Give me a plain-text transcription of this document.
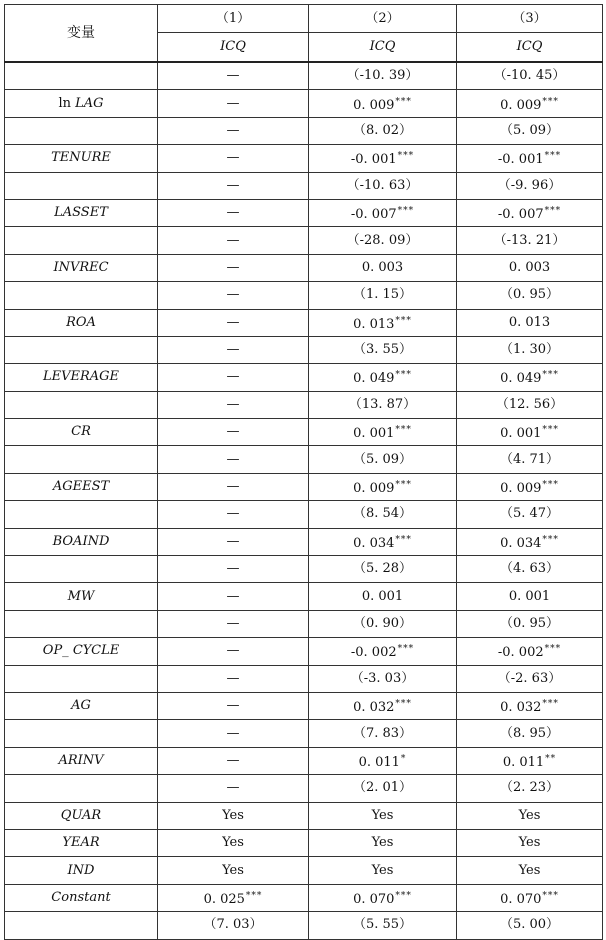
变量	（1）	（2）	（3）
	ICQ	ICQ	ICQ
	—	（-10. 39）	（-10. 45）
ln LAG	—	0. 009***	0. 009***
	—	（8. 02）	（5. 09）
TENURE	—	-0. 001***	-0. 001***
	—	（-10. 63）	（-9. 96）
LASSET	—	-0. 007***	-0. 007***
	—	（-28. 09）	（-13. 21）
INVREC	—	0. 003	0. 003
	—	（1. 15）	（0. 95）
ROA	—	0. 013***	0. 013
	—	（3. 55）	（1. 30）
LEVERAGE	—	0. 049***	0. 049***
	—	（13. 87）	（12. 56）
CR	—	0. 001***	0. 001***
	—	（5. 09）	（4. 71）
AGEEST	—	0. 009***	0. 009***
	—	（8. 54）	（5. 47）
BOAIND	—	0. 034***	0. 034***
	—	（5. 28）	（4. 63）
MW	—	0. 001	0. 001
	—	（0. 90）	（0. 95）
OP_ CYCLE	—	-0. 002***	-0. 002***
	—	（-3. 03）	（-2. 63）
AG	—	0. 032***	0. 032***
	—	（7. 83）	（8. 95）
ARINV	—	0. 011*	0. 011**
	—	（2. 01）	（2. 23）
QUAR	Yes	Yes	Yes
YEAR	Yes	Yes	Yes
IND	Yes	Yes	Yes
Constant	0. 025***	0. 070***	0. 070***
	（7. 03）	（5. 55）	（5. 00）
